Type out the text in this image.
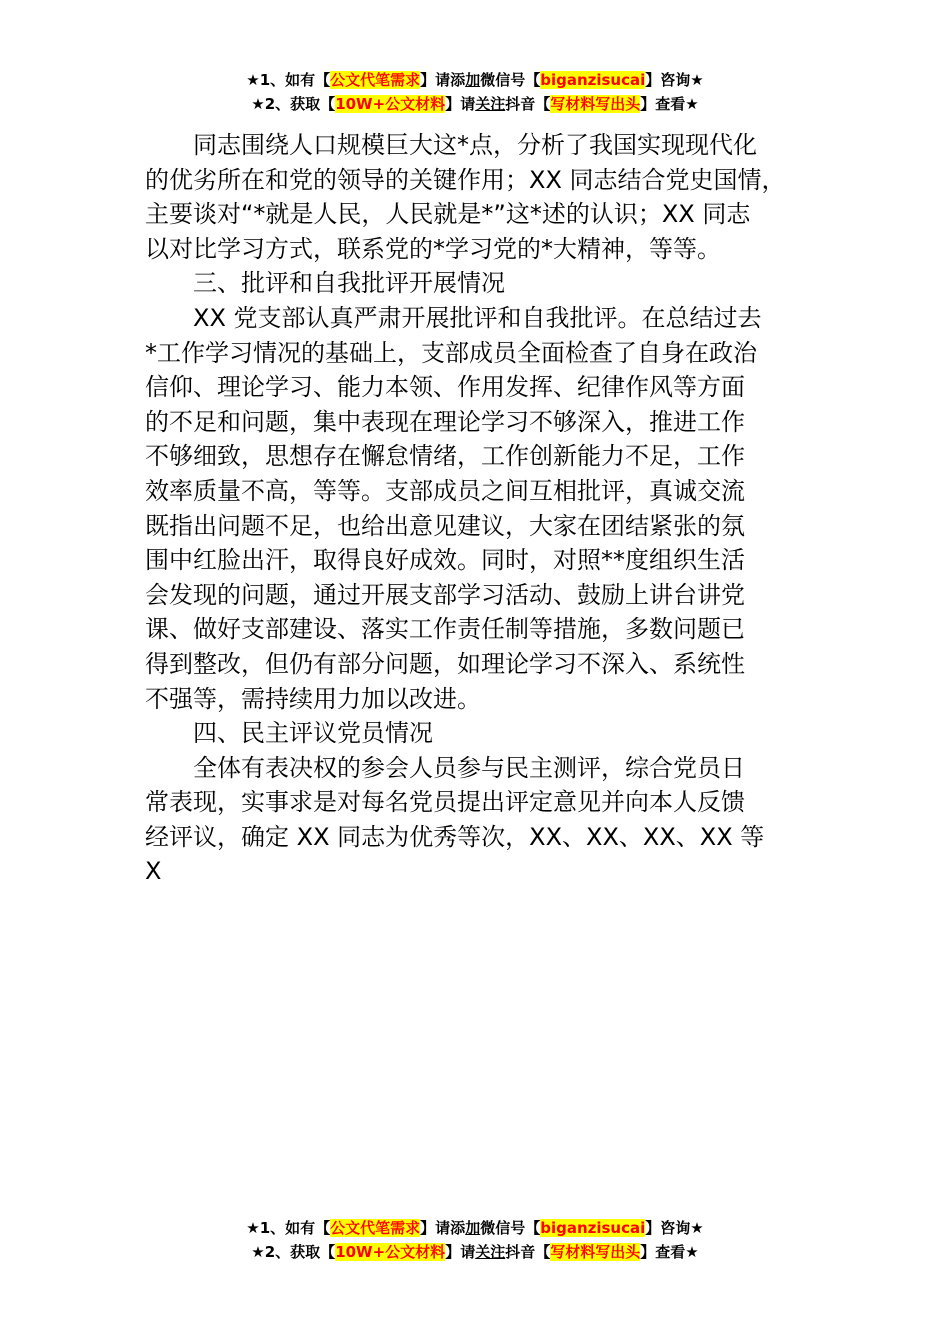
★1、如有【公文代笔需求】请添加微信号【biganzisucai】咨询★
★2、获取【10W+公文材料】请关注抖音【写材料写出头】查看★
同志围绕人口规模巨大这*点，分析了我国实现现代化
的优劣所在和党的领导的关键作用；XX 同志结合党史国情，
主要谈对“*就是人民，人民就是*”这*述的认识；XX 同志
以对比学习方式，联系党的*学习党的*大精神，等等。
三、批评和自我批评开展情况
XX 党支部认真严肃开展批评和自我批评。在总结过去
*工作学习情况的基础上，支部成员全面检查了自身在政治
信仰、理论学习、能力本领、作用发挥、纪律作风等方面
的不足和问题，集中表现在理论学习不够深入，推进工作
不够细致，思想存在懈怠情绪，工作创新能力不足，工作
效率质量不高，等等。支部成员之间互相批评，真诚交流
既指出问题不足，也给出意见建议，大家在团结紧张的氛
围中红脸出汗，取得良好成效。同时，对照**度组织生活
会发现的问题，通过开展支部学习活动、鼓励上讲台讲党
课、做好支部建设、落实工作责任制等措施，多数问题已
得到整改，但仍有部分问题，如理论学习不深入、系统性
不强等，需持续用力加以改进。
四、民主评议党员情况
全体有表决权的参会人员参与民主测评，综合党员日
常表现，实事求是对每名党员提出评定意见并向本人反馈
经评议，确定 XX 同志为优秀等次，XX、XX、XX、XX 等
X
★1、如有【公文代笔需求】请添加微信号【biganzisucai】咨询★
★2、获取【10W+公文材料】请关注抖音【写材料写出头】查看★
